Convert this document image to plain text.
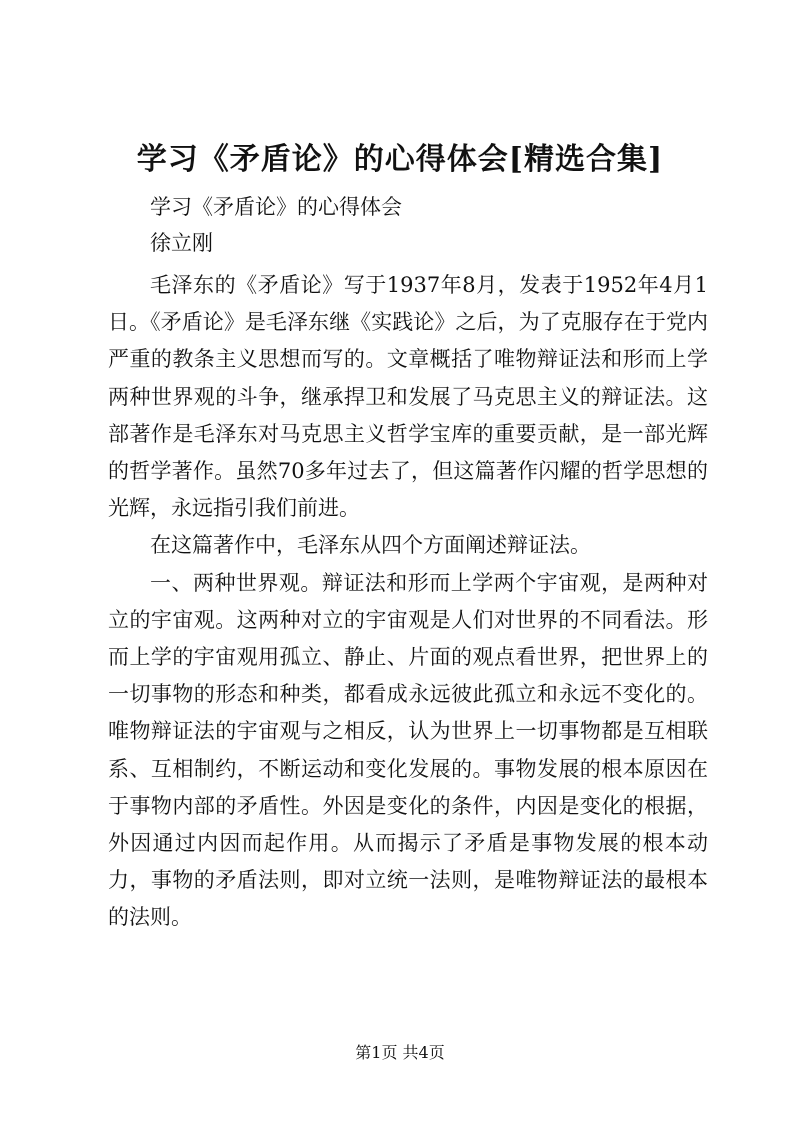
学习《矛盾论》的心得体会[精选合集]
学习《矛盾论》的心得体会
徐立刚

毛泽东的《矛盾论》写于1937年8月，发表于1952年4月1日。《矛盾论》是毛泽东继《实践论》之后，为了克服存在于党内严重的教条主义思想而写的。文章概括了唯物辩证法和形而上学两种世界观的斗争，继承捍卫和发展了马克思主义的辩证法。这部著作是毛泽东对马克思主义哲学宝库的重要贡献，是一部光辉的哲学著作。虽然70多年过去了，但这篇著作闪耀的哲学思想的光辉，永远指引我们前进。

在这篇著作中，毛泽东从四个方面阐述辩证法。

一、两种世界观。辩证法和形而上学两个宇宙观，是两种对立的宇宙观。这两种对立的宇宙观是人们对世界的不同看法。形而上学的宇宙观用孤立、静止、片面的观点看世界，把世界上的一切事物的形态和种类，都看成永远彼此孤立和永远不变化的。唯物辩证法的宇宙观与之相反，认为世界上一切事物都是互相联系、互相制约，不断运动和变化发展的。事物发展的根本原因在于事物内部的矛盾性。外因是变化的条件，内因是变化的根据，外因通过内因而起作用。从而揭示了矛盾是事物发展的根本动力，事物的矛盾法则，即对立统一法则，是唯物辩证法的最根本的法则。

第1页 共4页
